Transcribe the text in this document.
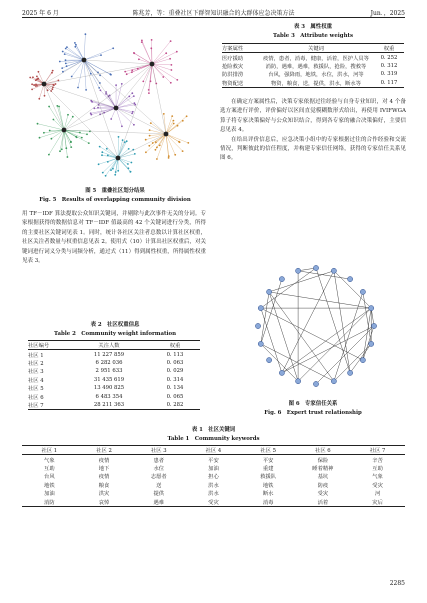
2025 年 6 月	陈兆芳，等：重叠社区下群智知识融合的大群体应急决策方法	Jun．，2025
图 5　重叠社区划分结果
Fig. 5　Results of overlapping community division

用 TF－IDF 算法提取公众知识关键词，并剔除与此次事件无关的分词。专家根据获得的数据信息对 TF－IDF 值最高的 42 个关键词进行分类，所得的主要社区关键词见表 1。同时，统计各社区关注者总数以计算社区权重，社区关注者数量与权重信息见表 2。使用式（10）计算出社区权重后，对关键词进行词义分类与词频分析，通过式（11）得到属性权重，所得属性权重见表 3。

表 2　社区权重信息
Table 2　Community weight information
社区编号	关注人数	权重
社区 1	11 227 859	0. 113
社区 2	6 282 036	0. 063
社区 3	2 951 633	0. 029
社区 4	31 435 619	0. 314
社区 5	13 490 825	0. 134
社区 6	6 483 354	0. 065
社区 7	28 211 363	0. 282
表 3　属性权重
Table 3　Attribute weights
方案属性	关键词	权重
医疗援助	疫情，患者，消毒，健康，活着，医护人员等	0. 252
抢险救灾	消防，遇难，遇难，救援队，抢险，搜救等	0. 312
防洪排涝	台风，强降雨，地铁，水位，洪水，河等	0. 319
物资配送	物资，粮食，送，提供，洪水，断水等	0. 117

在确定方案属性后，决策专家依据过往经验与自身专业知识，对 4 个备选方案进行评价，评价偏好以区间直觉模糊数形式给出，再使用 IVIFWGA 算子将专家决策偏好与公众知识结合，得到各专家的融合决策偏好，主要信息见表 4。

在给出评价信息后，应急决策小组中的专家根据过往的合作经验和交流情况，判断彼此的信任程度，并构建专家信任网络，获得的专家信任关系见图 6。

图 6　专家信任关系
Fig. 6　Expert trust relationship
表 1　社区关键词
Table 1　Community keywords
社区 1	社区 2	社区 3	社区 4	社区 5	社区 6	社区 7
气象	疫情	患者	平安	平安	保险	辛苦
互助	地下	水位	加油	重建	睡着精神	互助
台风	疫情	志愿者	担心	救援队	基坑	气象
地铁	粮食	送	洪水	地铁	防疫	受灾
加油	洪灾	提供	洪水	断水	受灾	河
消防	哀悼	遇难	受灾	消毒	活着	灾后
2285
